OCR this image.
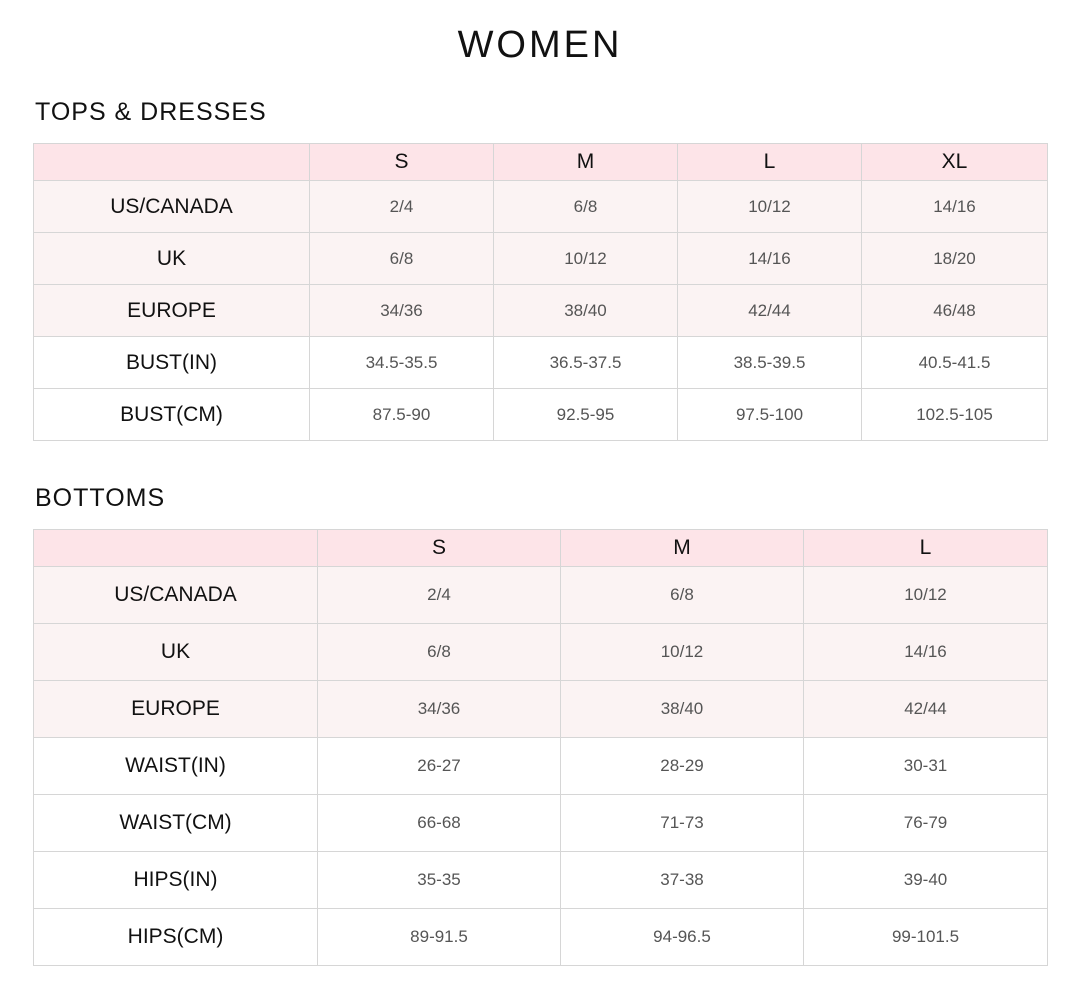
WOMEN
TOPS & DRESSES
	S	M	L	XL
US/CANADA	2/4	6/8	10/12	14/16
UK	6/8	10/12	14/16	18/20
EUROPE	34/36	38/40	42/44	46/48
BUST(IN)	34.5-35.5	36.5-37.5	38.5-39.5	40.5-41.5
BUST(CM)	87.5-90	92.5-95	97.5-100	102.5-105
BOTTOMS
	S	M	L
US/CANADA	2/4	6/8	10/12
UK	6/8	10/12	14/16
EUROPE	34/36	38/40	42/44
WAIST(IN)	26-27	28-29	30-31
WAIST(CM)	66-68	71-73	76-79
HIPS(IN)	35-35	37-38	39-40
HIPS(CM)	89-91.5	94-96.5	99-101.5
